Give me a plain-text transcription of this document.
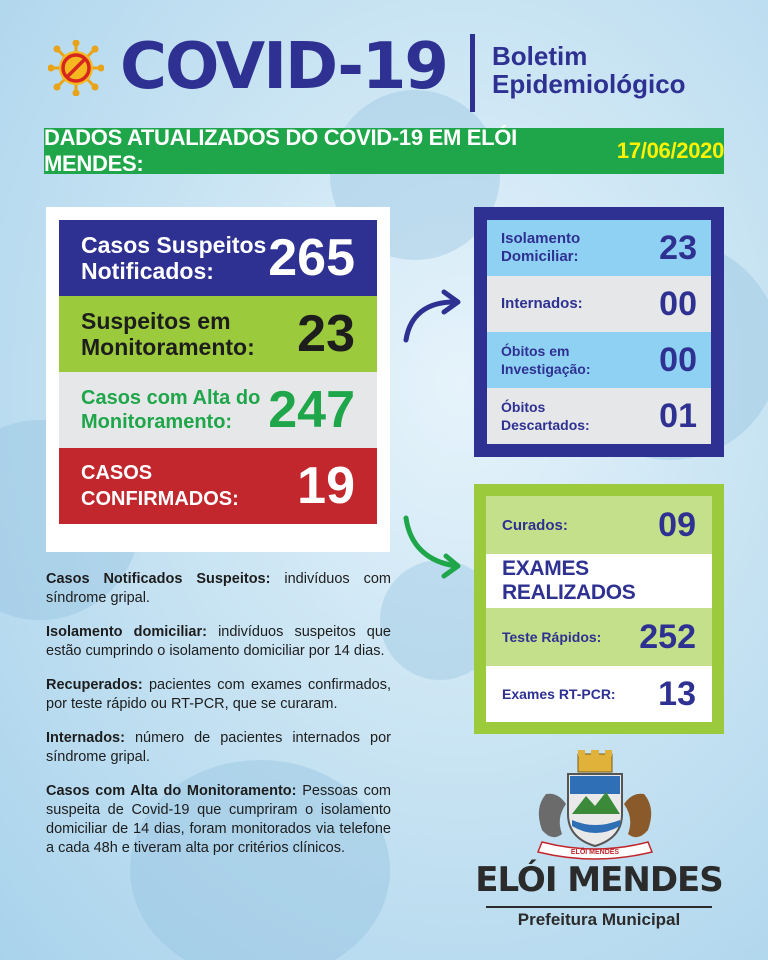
COVID-19 Boletim
Epidemiológico
DADOS ATUALIZADOS DO COVID-19 EM ELÓI MENDES:
17/06/2020
Casos Suspeitos
Notificados:	265
Suspeitos em
Monitoramento: 23
Casos com Alta do
Monitoramento: 247
CASOS
CONFIRMADOS: 19
Isolamento
Domiciliar: 23
Internados: 00
Óbitos em
Investigação: 00
Óbitos
Descartados: 01
Curados:	09
EXAMES REALIZADOS
Teste Rápidos: 252
Exames RT-PCR: 13

Casos Notificados Suspeitos: indivíduos com síndrome gripal.

Isolamento domiciliar: indivíduos suspeitos que estão cumprindo o isolamento domiciliar por 14 dias.

Recuperados: pacientes com exames confirmados, por teste rápido ou RT-PCR, que se curaram.

Internados: número de pacientes internados por síndrome gripal.

Casos com Alta do Monitoramento: Pessoas com suspeita de Covid-19 que cumpriram o isolamento domiciliar de 14 dias, foram monitorados via telefone a cada 48h e tiveram alta por critérios clínicos.	ELÓI MENDES
ELÓI MENDES
Prefeitura Municipal
